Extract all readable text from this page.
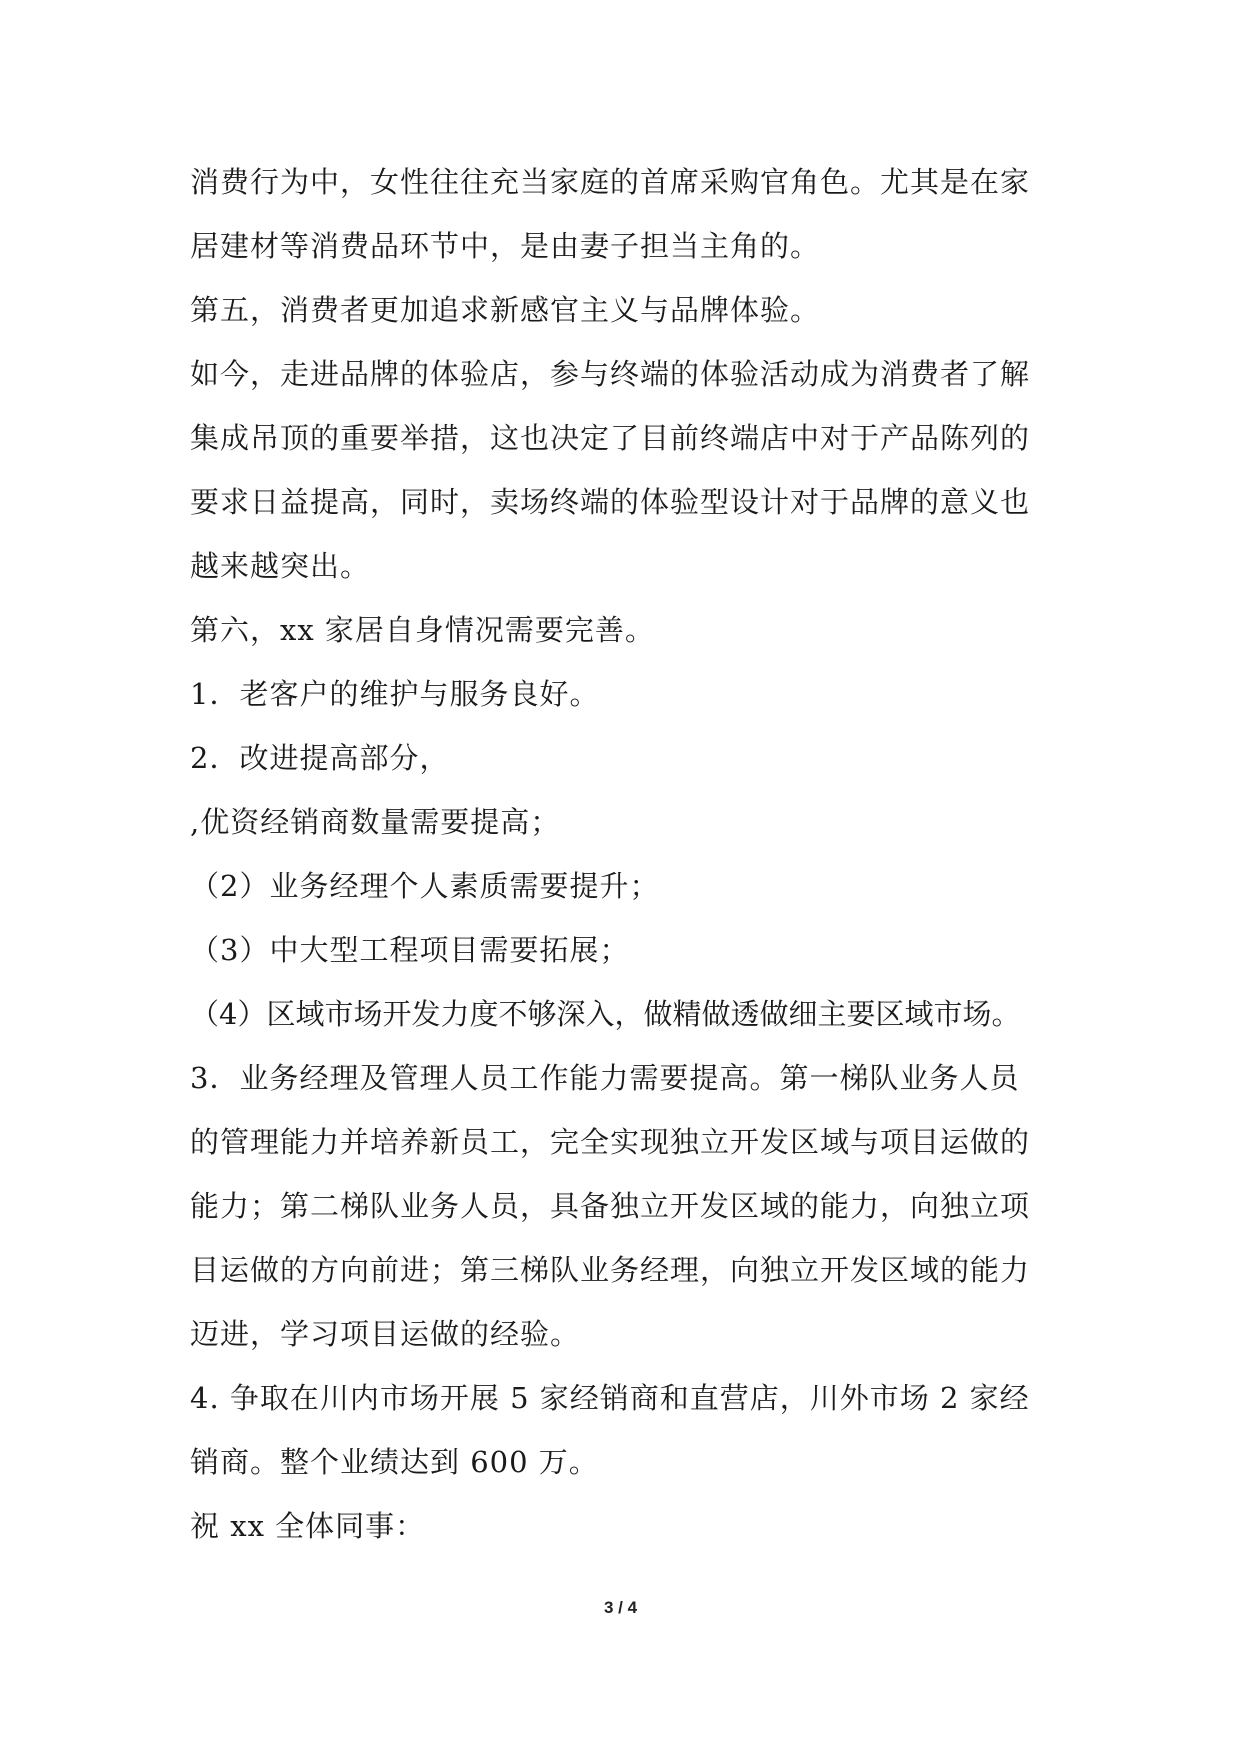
消费行为中，女性往往充当家庭的首席采购官角色。尤其是在家
居建材等消费品环节中，是由妻子担当主角的。
第五，消费者更加追求新感官主义与品牌体验。
如今，走进品牌的体验店，参与终端的体验活动成为消费者了解
集成吊顶的重要举措，这也决定了目前终端店中对于产品陈列的
要求日益提高，同时，卖场终端的体验型设计对于品牌的意义也
越来越突出。
第六，xx 家居自身情况需要完善。
1．老客户的维护与服务良好。
2．改进提高部分，
,优资经销商数量需要提高；
（2）业务经理个人素质需要提升；
（3）中大型工程项目需要拓展；
（4）区域市场开发力度不够深入，做精做透做细主要区域市场。
3．业务经理及管理人员工作能力需要提高。第一梯队业务人员
的管理能力并培养新员工，完全实现独立开发区域与项目运做的
能力；第二梯队业务人员，具备独立开发区域的能力，向独立项
目运做的方向前进；第三梯队业务经理，向独立开发区域的能力
迈进，学习项目运做的经验。
4. 争取在川内市场开展 5 家经销商和直营店，川外市场 2 家经
销商。整个业绩达到 600 万。
祝 xx 全体同事：
3 / 4
